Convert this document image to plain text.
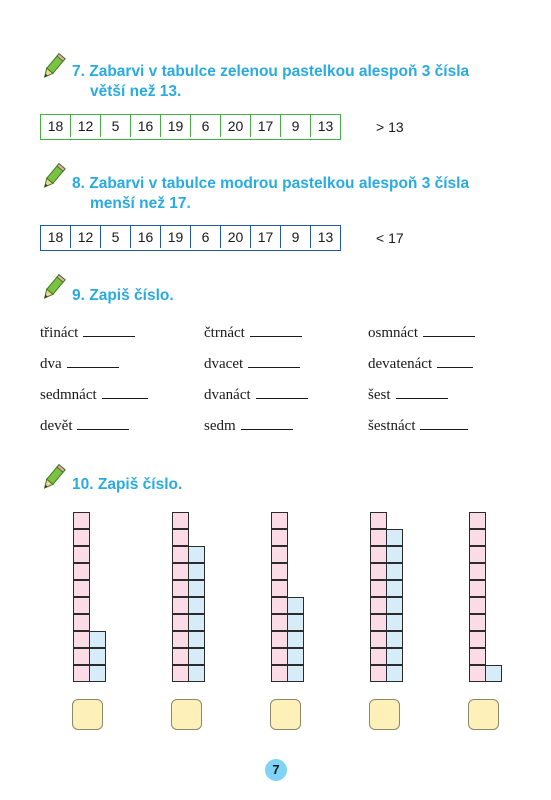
7. Zabarvi v tabulce zelenou pastelkou alespoň 3 čísla
větší než 13.
18	12	5	16	19	6	20	17	9	13	> 13
8. Zabarvi v tabulce modrou pastelkou alespoň 3 čísla
menší než 17.
18	12	5	16	19	6	20	17	9	13	< 17
9. Zapiš číslo.
třináct	čtrnáct	osmnáct
dva	dvacet	devatenáct
sedmnáct	dvanáct	šest
devět	sedm	šestnáct
10. Zapiš číslo.
7
